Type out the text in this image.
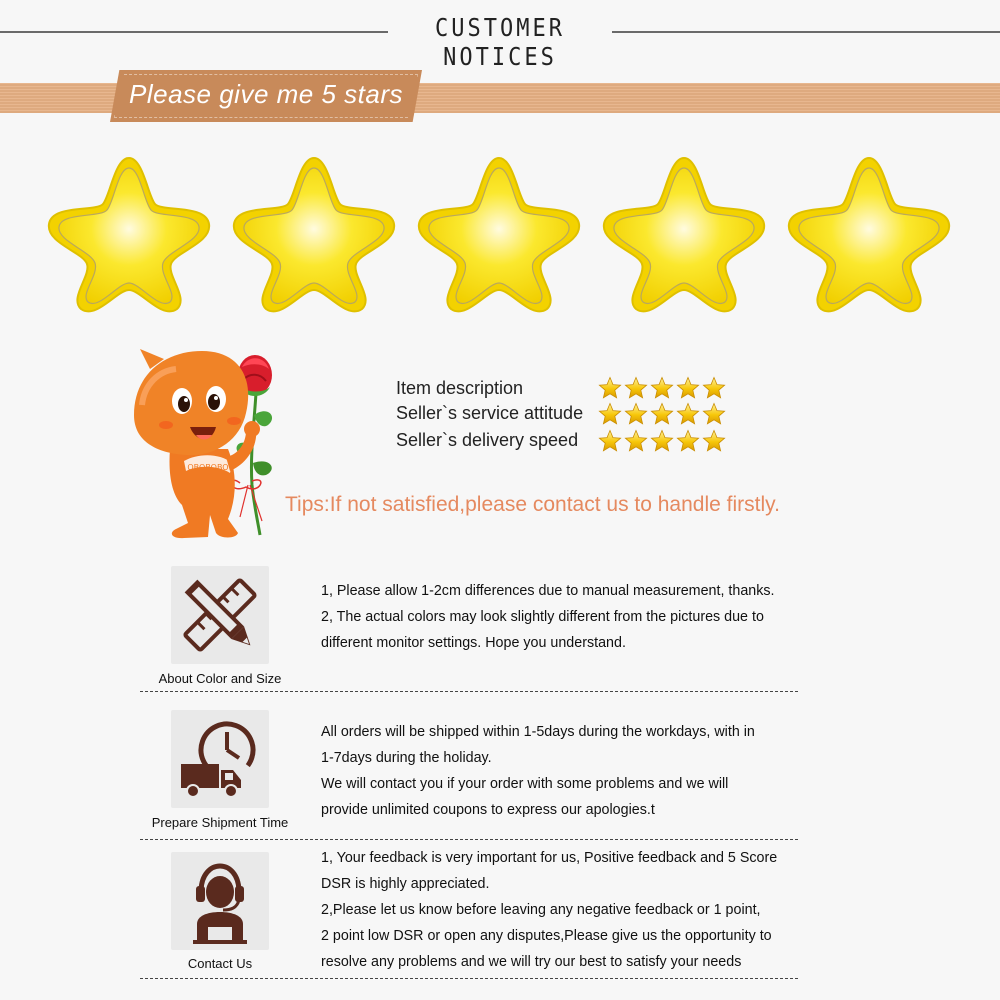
CUSTOMER NOTICES
Please give me 5 stars
OBOBOBO
Item description
Seller`s service attitude
Seller`s delivery speed
Tips:If not satisfied,please contact us to handle firstly.
About Color and Size
1, Please allow 1-2cm differences due to manual measurement, thanks.
2, The actual colors may look slightly different from the pictures due to
different monitor settings. Hope you understand.
Prepare Shipment Time
All orders will be shipped within 1-5days during the workdays, with in
1-7days during the holiday.
We will contact you if your order with some problems and we will
provide unlimited coupons to express our apologies.t
Contact Us
1, Your feedback is very important for us, Positive feedback and 5 Score
DSR is highly appreciated.
2,Please let us know before leaving any negative feedback or 1 point,
2 point low DSR or open any disputes,Please give us the opportunity to
resolve any problems and we will try our best to satisfy your needs
